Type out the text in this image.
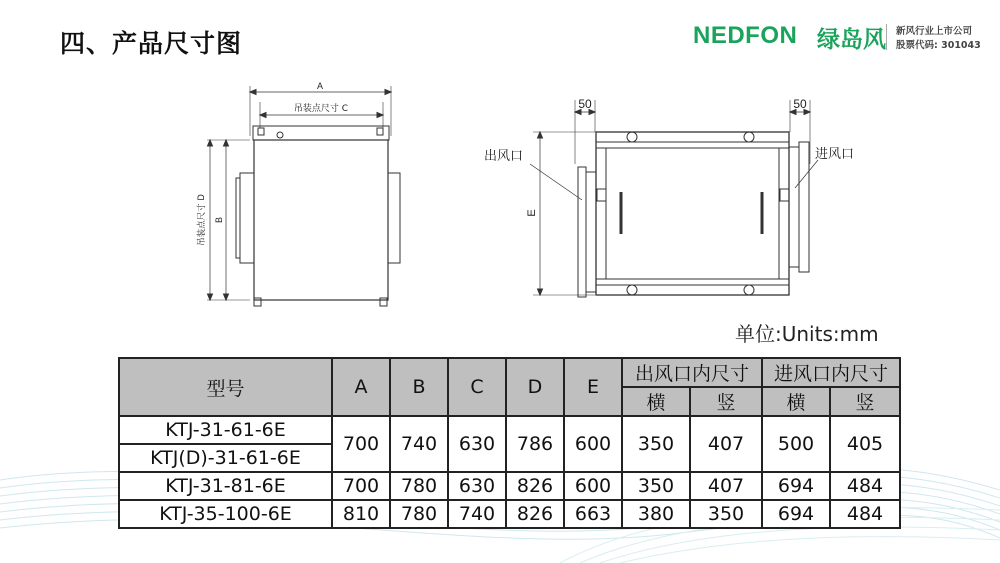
四、产品尺寸图	NEDFON 绿岛风 新风行业上市公司
股票代码: 301043
A
吊装点尺寸 C
吊装点尺寸 D B
50	50
出风口	进风口
E
单位:Units:mm
型号	A	B	C	D	E	出风口内尺寸		进风口内尺寸	
						横	竖	横	竖
KTJ-31-61-6E	700	740	630	786	600	350	407	500	405
KTJ(D)-31-61-6E									
KTJ-31-81-6E	700	780	630	826	600	350	407	694	484
KTJ-35-100-6E	810	780	740	826	663	380	350	694	484
